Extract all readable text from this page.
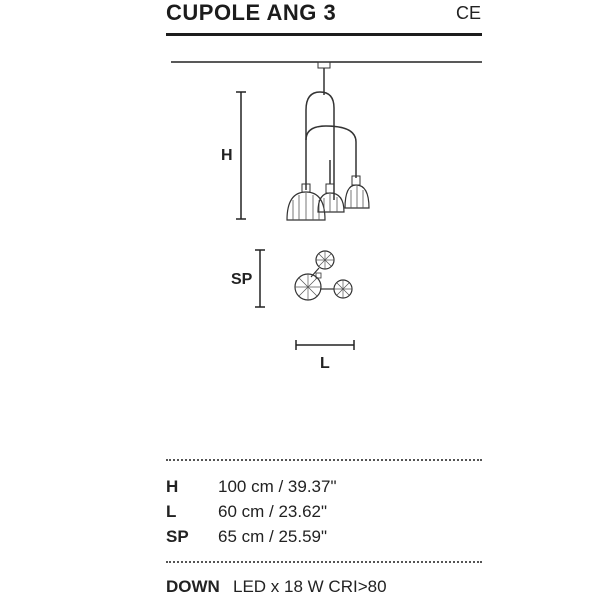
CUPOLE ANG 3	CE
H
SP
L
H 100 cm / 39.37"
L 60 cm / 23.62"
SP 65 cm / 25.59"
DOWN LED x 18 W CRI>80
